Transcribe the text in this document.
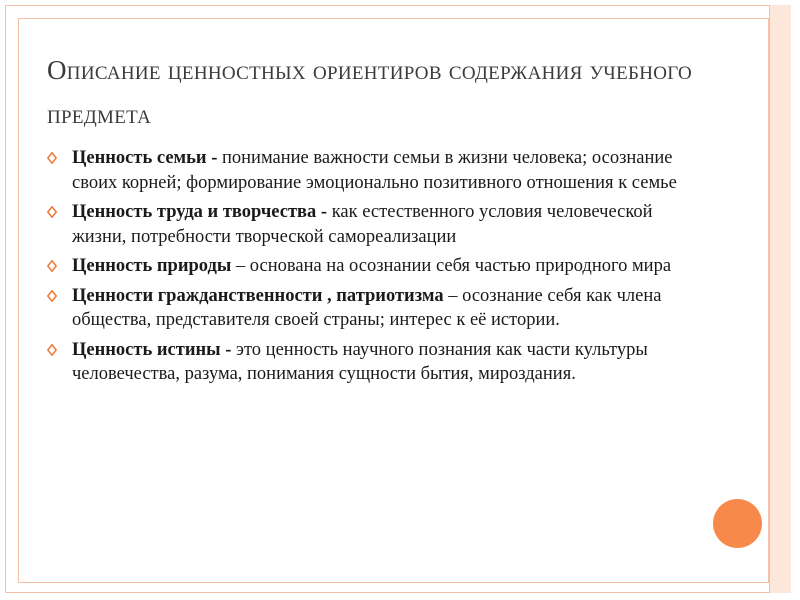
Описание ценностных ориентиров содержания учебного предмета
Ценность семьи - понимание важности семьи в жизни человека; осознание своих корней; формирование эмоционально позитивного отношения к семье
Ценность труда и творчества - как естественного условия человеческой жизни, потребности творческой самореализации
Ценность природы – основана на осознании себя частью природного мира
Ценности гражданственности , патриотизма – осознание себя как члена общества, представителя своей страны; интерес к её истории.
Ценность истины - это ценность научного познания как части культуры человечества, разума, понимания сущности бытия, мироздания.
